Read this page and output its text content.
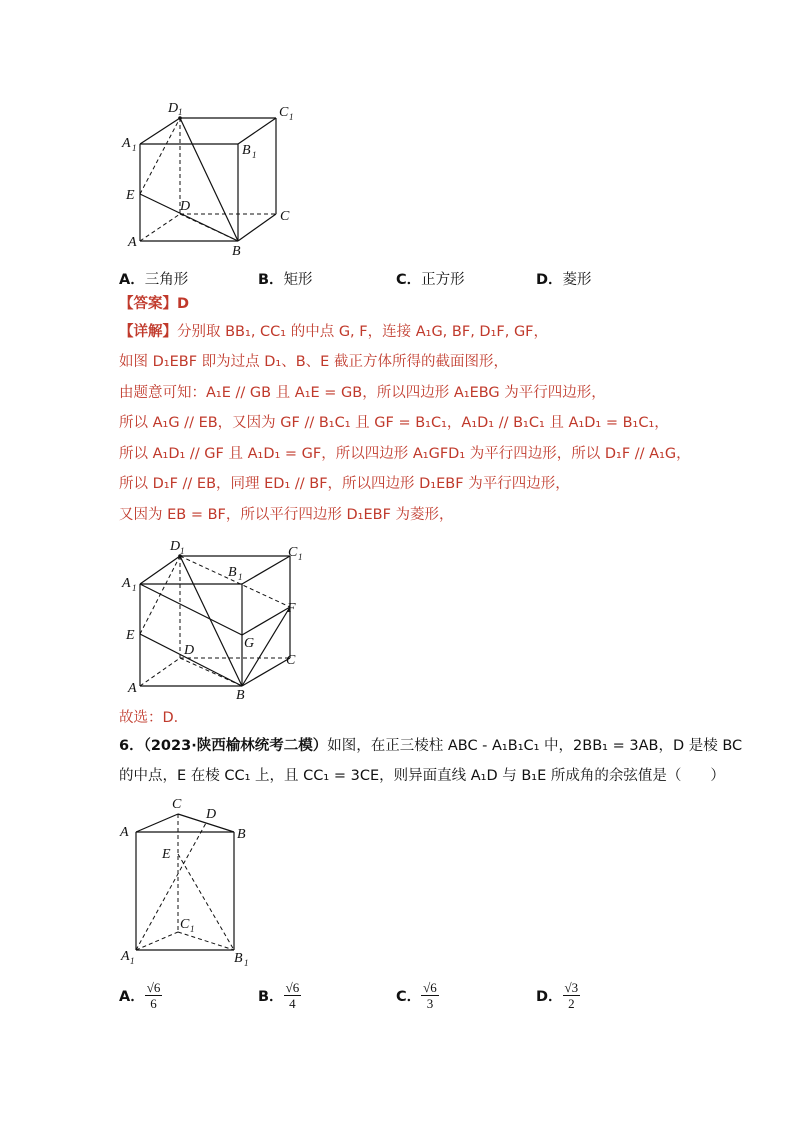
D 1	C 1
A 1	B 1
E
D
C
A
B
A．三角形	B．矩形	C．正方形	D．菱形
【答案】D
【详解】分别取 BB₁, CC₁ 的中点 G, F，连接 A₁G, BF, D₁F, GF，
如图 D₁EBF 即为过点 D₁、B、E 截正方体所得的截面图形，
由题意可知：A₁E // GB 且 A₁E = GB，所以四边形 A₁EBG 为平行四边形，
所以 A₁G // EB，又因为 GF // B₁C₁ 且 GF = B₁C₁，A₁D₁ // B₁C₁ 且 A₁D₁ = B₁C₁，
所以 A₁D₁ // GF 且 A₁D₁ = GF，所以四边形 A₁GFD₁ 为平行四边形，所以 D₁F // A₁G，
所以 D₁F // EB，同理 ED₁ // BF，所以四边形 D₁EBF 为平行四边形，
又因为 EB = BF，所以平行四边形 D₁EBF 为菱形，
D 1	C 1
A 1
B 1
F
E
G
D
C
A	B
故选：D．
6．（2023·陕西榆林统考二模）如图，在正三棱柱 ABC - A₁B₁C₁ 中，2BB₁ = 3AB，D 是棱 BC
的中点，E 在棱 CC₁ 上，且 CC₁ = 3CE，则异面直线 A₁D 与 B₁E 所成角的余弦值是（　　）
C
D
A	B
E
C 1
A 1	B 1
A． $\frac{√6}{6}$	B． $\frac{√6}{4}$	C． $\frac{√6}{3}$	D． $\frac{√3}{2}$
